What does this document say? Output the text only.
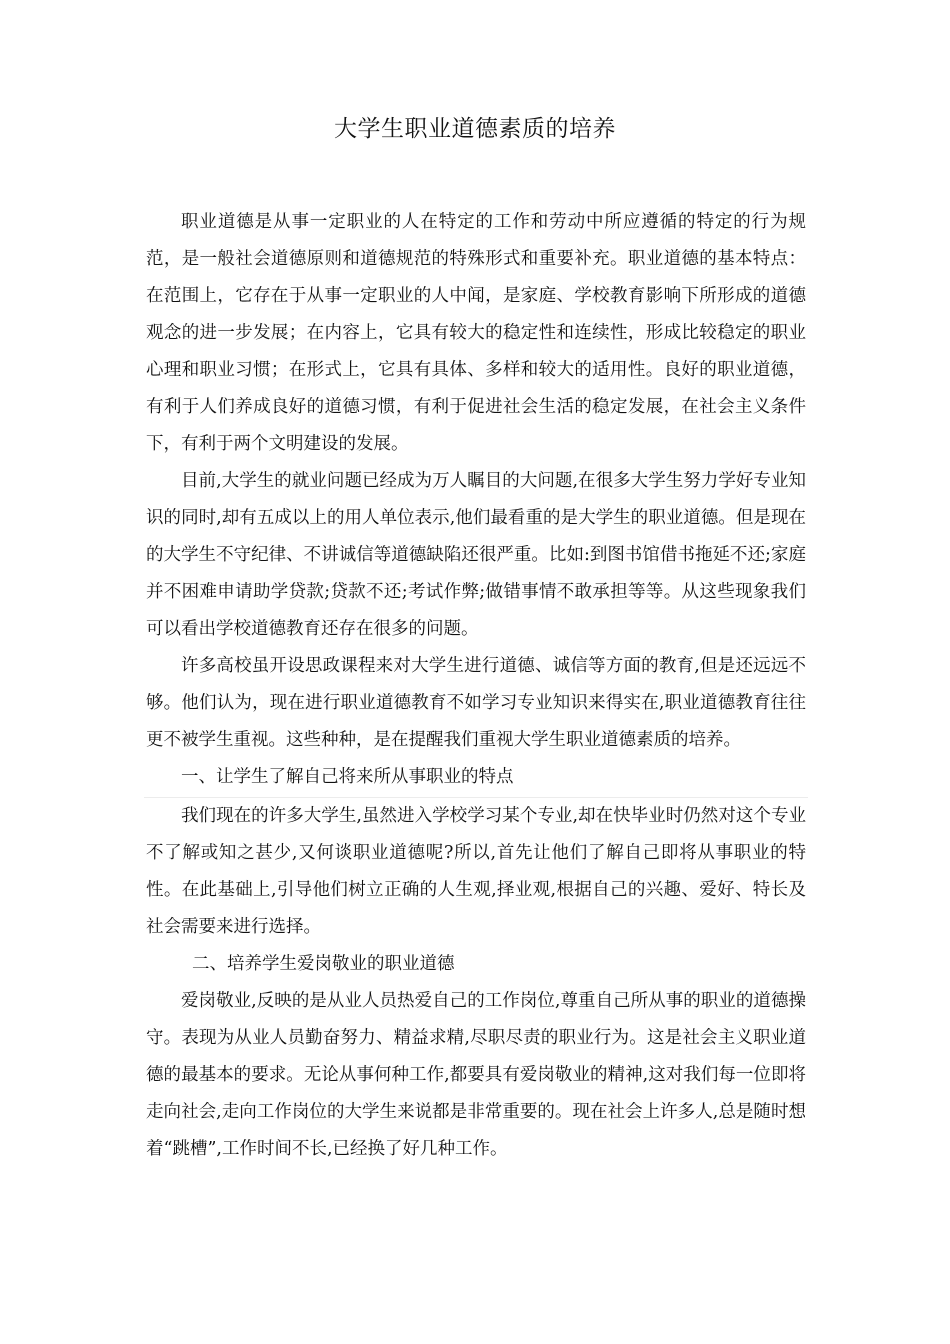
大学生职业道德素质的培养

职业道德是从事一定职业的人在特定的工作和劳动中所应遵循的特定的行为规范，是一般社会道德原则和道德规范的特殊形式和重要补充。职业道德的基本特点：在范围上，它存在于从事一定职业的人中闻，是家庭、学校教育影响下所形成的道德观念的进一步发展；在内容上，它具有较大的稳定性和连续性，形成比较稳定的职业心理和职业习惯；在形式上，它具有具体、多样和较大的适用性。良好的职业道德，有利于人们养成良好的道德习惯，有利于促进社会生活的稳定发展，在社会主义条件下，有利于两个文明建设的发展。

目前,大学生的就业问题已经成为万人瞩目的大问题,在很多大学生努力学好专业知识的同时,却有五成以上的用人单位表示,他们最看重的是大学生的职业道德。但是现在的大学生不守纪律、不讲诚信等道德缺陷还很严重。比如:到图书馆借书拖延不还;家庭并不困难申请助学贷款;贷款不还;考试作弊;做错事情不敢承担等等。从这些现象我们可以看出学校道德教育还存在很多的问题。

许多高校虽开设思政课程来对大学生进行道德、诚信等方面的教育,但是还远远不够。他们认为，现在进行职业道德教育不如学习专业知识来得实在,职业道德教育往往更不被学生重视。这些种种，是在提醒我们重视大学生职业道德素质的培养。

一、让学生了解自己将来所从事职业的特点

我们现在的许多大学生,虽然进入学校学习某个专业,却在快毕业时仍然对这个专业不了解或知之甚少,又何谈职业道德呢?所以,首先让他们了解自己即将从事职业的特性。在此基础上,引导他们树立正确的人生观,择业观,根据自己的兴趣、爱好、特长及社会需要来进行选择。

二、培养学生爱岗敬业的职业道德

爱岗敬业,反映的是从业人员热爱自己的工作岗位,尊重自己所从事的职业的道德操守。表现为从业人员勤奋努力、精益求精,尽职尽责的职业行为。这是社会主义职业道德的最基本的要求。无论从事何种工作,都要具有爱岗敬业的精神,这对我们每一位即将走向社会,走向工作岗位的大学生来说都是非常重要的。现在社会上许多人,总是随时想着“跳槽”,工作时间不长,已经换了好几种工作。
